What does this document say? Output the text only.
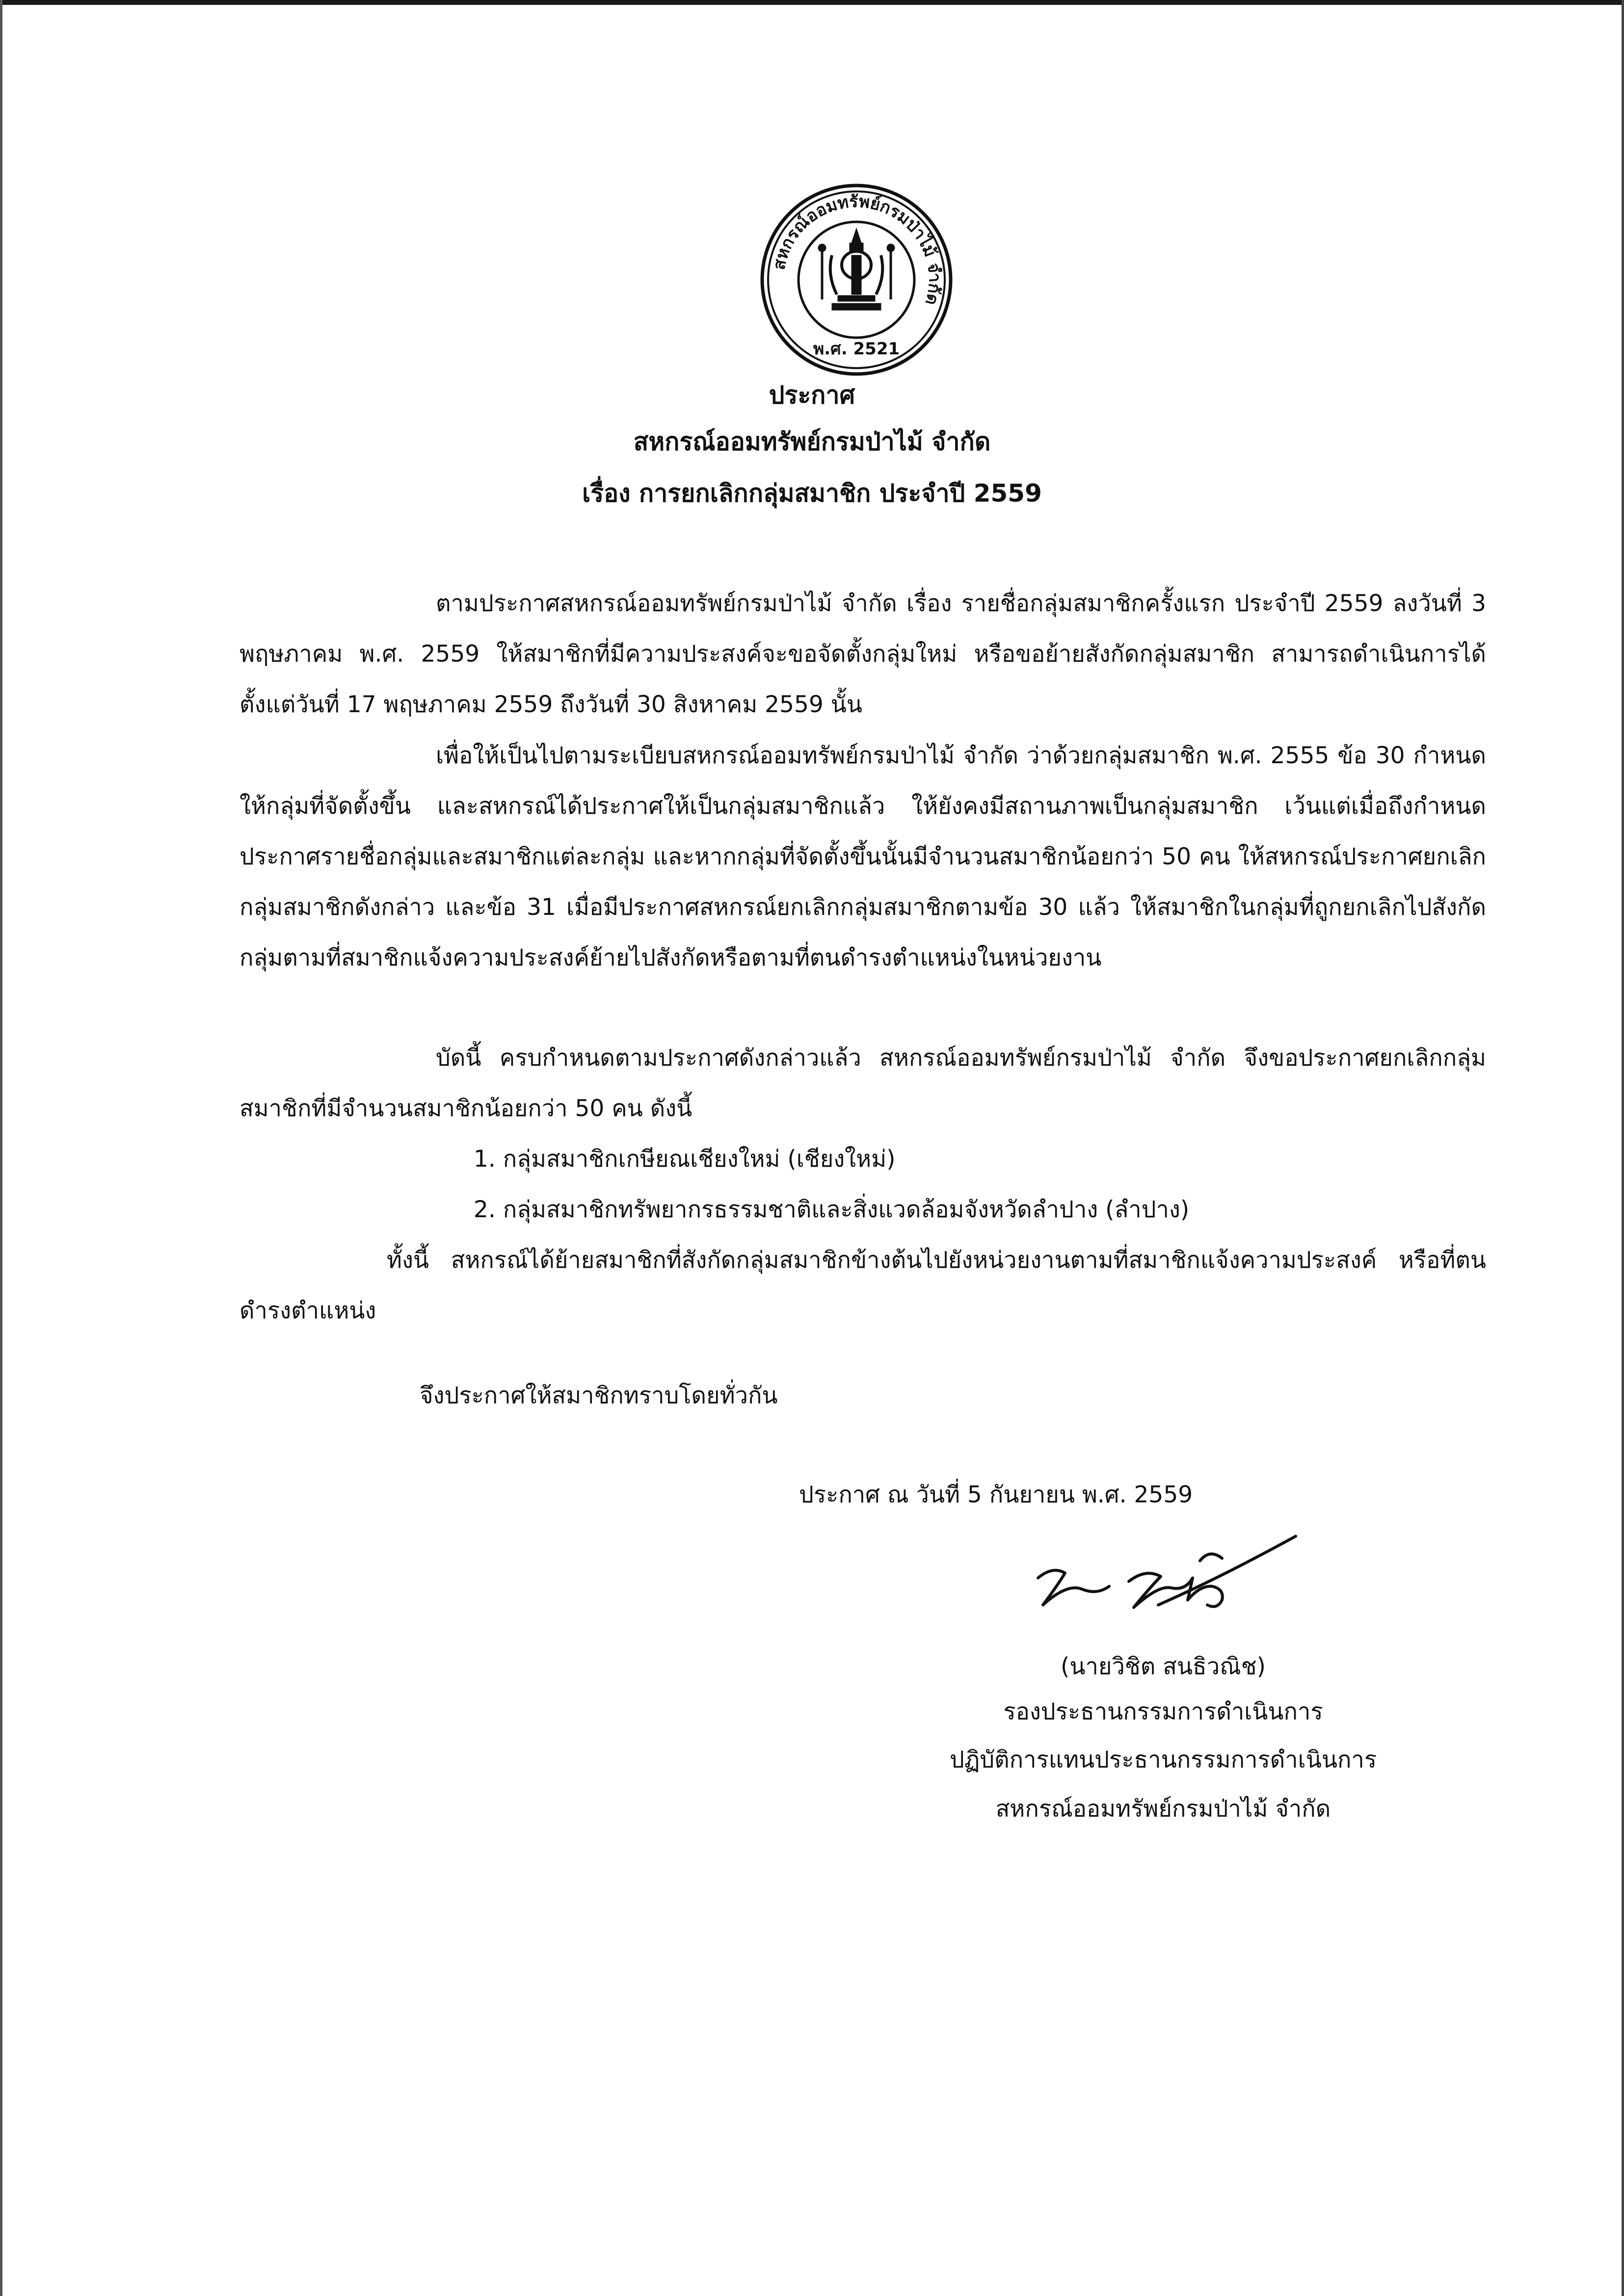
สหกรณ์ออมทรัพย์กรมป่าไม้ จำกัด
พ.ศ. 2521
ประกาศ
สหกรณ์ออมทรัพย์กรมป่าไม้ จำกัด
เรื่อง การยกเลิกกลุ่มสมาชิก ประจำปี 2559
ตามประกาศสหกรณ์ออมทรัพย์กรมป่าไม้ จำกัด เรื่อง รายชื่อกลุ่มสมาชิกครั้งแรก ประจำปี 2559 ลงวันที่ 3 พฤษภาคม พ.ศ. 2559 ให้สมาชิกที่มีความประสงค์จะขอจัดตั้งกลุ่มใหม่ หรือขอย้ายสังกัดกลุ่มสมาชิก สามารถดำเนินการได้ตั้งแต่วันที่ 17 พฤษภาคม 2559 ถึงวันที่ 30 สิงหาคม 2559 นั้น
เพื่อให้เป็นไปตามระเบียบสหกรณ์ออมทรัพย์กรมป่าไม้ จำกัด ว่าด้วยกลุ่มสมาชิก พ.ศ. 2555 ข้อ 30 กำหนดให้กลุ่มที่จัดตั้งขึ้น และสหกรณ์ได้ประกาศให้เป็นกลุ่มสมาชิกแล้ว ให้ยังคงมีสถานภาพเป็นกลุ่มสมาชิก เว้นแต่เมื่อถึงกำหนดประกาศรายชื่อกลุ่มและสมาชิกแต่ละกลุ่ม และหากกลุ่มที่จัดตั้งขึ้นนั้นมีจำนวนสมาชิกน้อยกว่า 50 คน ให้สหกรณ์ประกาศยกเลิกกลุ่มสมาชิกดังกล่าว และข้อ 31 เมื่อมีประกาศสหกรณ์ยกเลิกกลุ่มสมาชิกตามข้อ 30 แล้ว ให้สมาชิกในกลุ่มที่ถูกยกเลิกไปสังกัดกลุ่มตามที่สมาชิกแจ้งความประสงค์ย้ายไปสังกัดหรือตามที่ตนดำรงตำแหน่งในหน่วยงาน
บัดนี้ ครบกำหนดตามประกาศดังกล่าวแล้ว สหกรณ์ออมทรัพย์กรมป่าไม้ จำกัด จึงขอประกาศยกเลิกกลุ่มสมาชิกที่มีจำนวนสมาชิกน้อยกว่า 50 คน ดังนี้
1. กลุ่มสมาชิกเกษียณเชียงใหม่ (เชียงใหม่)
2. กลุ่มสมาชิกทรัพยากรธรรมชาติและสิ่งแวดล้อมจังหวัดลำปาง (ลำปาง)
ทั้งนี้ สหกรณ์ได้ย้ายสมาชิกที่สังกัดกลุ่มสมาชิกข้างต้นไปยังหน่วยงานตามที่สมาชิกแจ้งความประสงค์ หรือที่ตนดำรงตำแหน่ง
จึงประกาศให้สมาชิกทราบโดยทั่วกัน
ประกาศ ณ วันที่ 5 กันยายน พ.ศ. 2559
(นายวิชิต สนธิวณิช)
รองประธานกรรมการดำเนินการ
ปฏิบัติการแทนประธานกรรมการดำเนินการ
สหกรณ์ออมทรัพย์กรมป่าไม้ จำกัด
